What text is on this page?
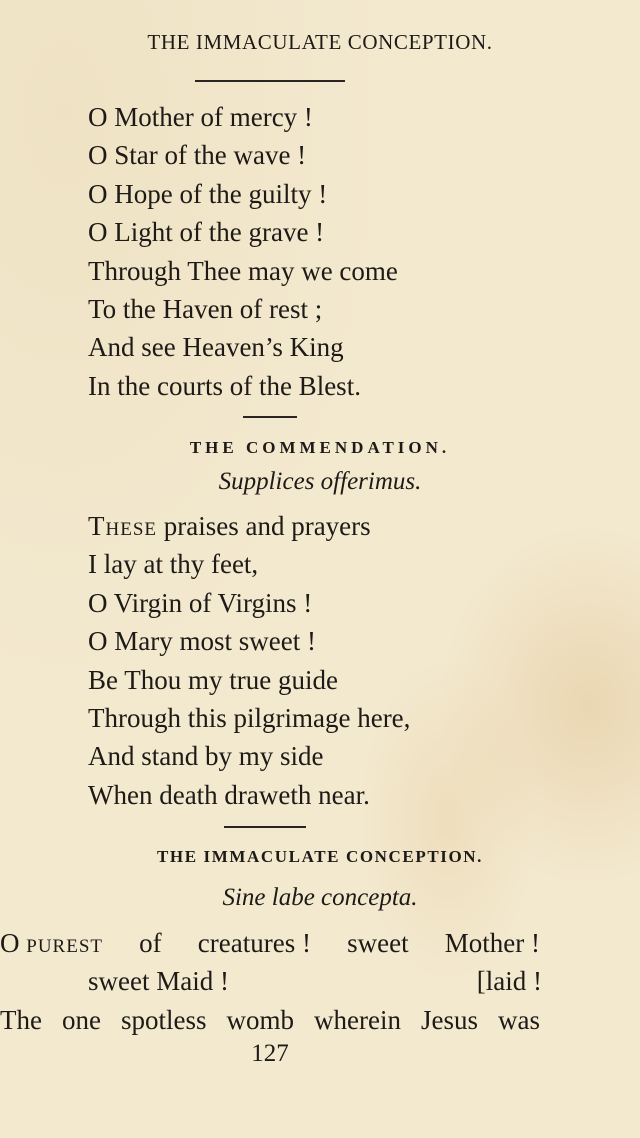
THE IMMACULATE CONCEPTION.
O Mother of mercy !
O Star of the wave !
O Hope of the guilty !
O Light of the grave !
Through Thee may we come
To the Haven of rest ;
And see Heaven’s King
In the courts of the Blest.
THE COMMENDATION.
Supplices offerimus.
These praises and prayers
I lay at thy feet,
O Virgin of Virgins !
O Mary most sweet !
Be Thou my true guide
Through this pilgrimage here,
And stand by my side
When death draweth near.
THE IMMACULATE CONCEPTION.
Sine labe concepta.
O purest of creatures ! sweet Mother !
sweet Maid !	[laid !
The one spotless womb wherein Jesus was
127
